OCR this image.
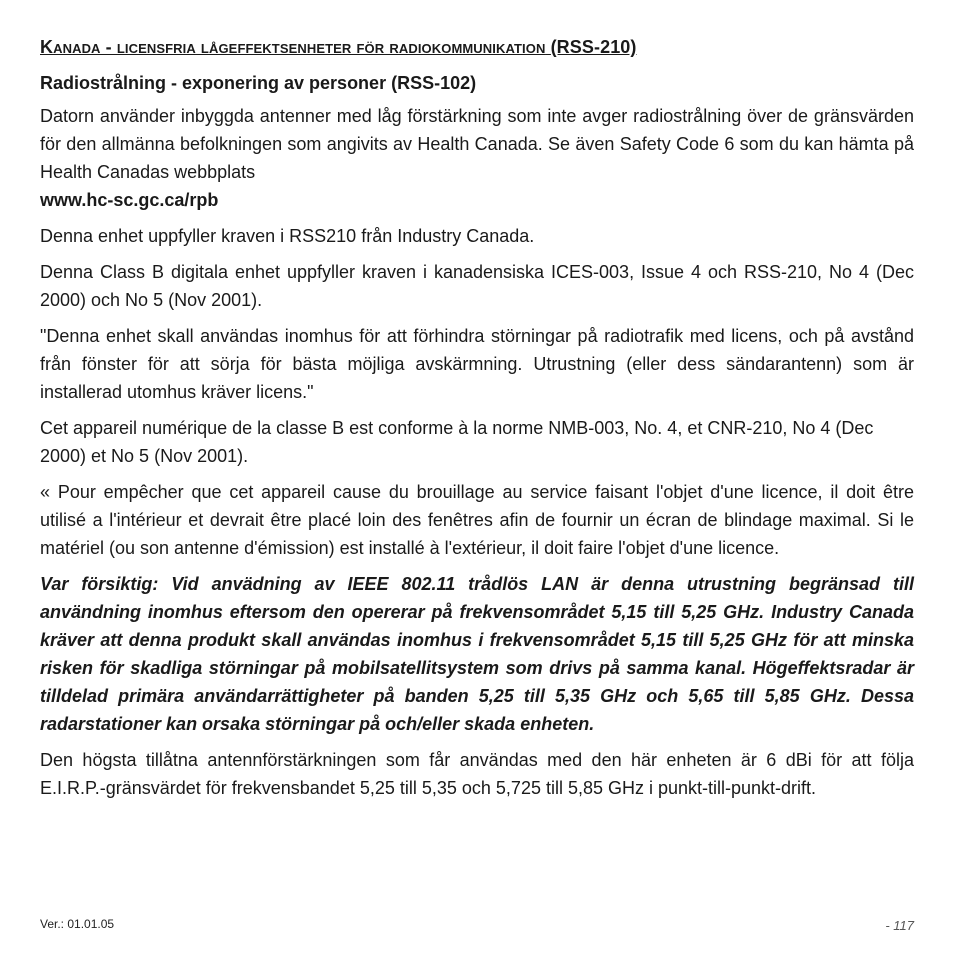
Kanada - licensfria lågeffektsenheter för radiokommunikation (RSS-210)
Radiostrålning - exponering av personer (RSS-102)

Datorn använder inbyggda antenner med låg förstärkning som inte avger radiostrålning över de gränsvärden för den allmänna befolkningen som angivits av Health Canada. Se även Safety Code 6 som du kan hämta på Health Canadas webbplats
www.hc-sc.gc.ca/rpb

Denna enhet uppfyller kraven i RSS210 från Industry Canada.

Denna Class B digitala enhet uppfyller kraven i kanadensiska ICES-003, Issue 4 och RSS-210, No 4 (Dec 2000) och No 5 (Nov 2001).

"Denna enhet skall användas inomhus för att förhindra störningar på radiotrafik med licens, och på avstånd från fönster för att sörja för bästa möjliga avskärmning. Utrustning (eller dess sändarantenn) som är installerad utomhus kräver licens."

Cet appareil numérique de la classe B est conforme à la norme NMB-003, No. 4, et CNR-210, No 4 (Dec 2000) et No 5 (Nov 2001).

« Pour empêcher que cet appareil cause du brouillage au service faisant l'objet d'une licence, il doit être utilisé a l'intérieur et devrait être placé loin des fenêtres afin de fournir un écran de blindage maximal. Si le matériel (ou son antenne d'émission) est installé à l'extérieur, il doit faire l'objet d'une licence.

Var försiktig: Vid anvädning av IEEE 802.11 trådlös LAN är denna utrustning begränsad till användning inomhus eftersom den opererar på frekvensområdet 5,15 till 5,25 GHz. Industry Canada kräver att denna produkt skall användas inomhus i frekvensområdet 5,15 till 5,25 GHz för att minska risken för skadliga störningar på mobilsatellitsystem som drivs på samma kanal. Högeffektsradar är tilldelad primära användarrättigheter på banden 5,25 till 5,35 GHz och 5,65 till 5,85 GHz. Dessa radarstationer kan orsaka störningar på och/eller skada enheten.

Den högsta tillåtna antennförstärkningen som får användas med den här enheten är 6 dBi för att följa E.I.R.P.-gränsvärdet för frekvensbandet 5,25 till 5,35 och 5,725 till 5,85 GHz i punkt-till-punkt-drift.

Ver.: 01.01.05	- 117
